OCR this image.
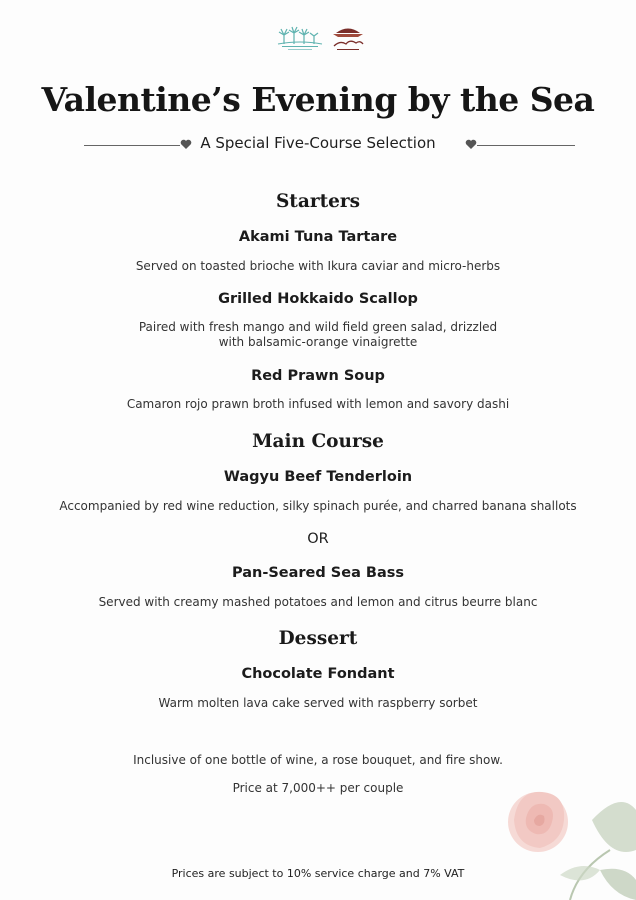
Valentine’s Evening by the Sea
A Special Five-Course Selection
Starters
Akami Tuna Tartare
Served on toasted brioche with Ikura caviar and micro-herbs
Grilled Hokkaido Scallop
Paired with fresh mango and wild field green salad, drizzled
with balsamic-orange vinaigrette
Red Prawn Soup
Camaron rojo prawn broth infused with lemon and savory dashi
Main Course
Wagyu Beef Tenderloin
Accompanied by red wine reduction, silky spinach purée, and charred banana shallots
OR
Pan-Seared Sea Bass
Served with creamy mashed potatoes and lemon and citrus beurre blanc
Dessert
Chocolate Fondant
Warm molten lava cake served with raspberry sorbet
Inclusive of one bottle of wine, a rose bouquet, and fire show.
Price at 7,000++ per couple
Prices are subject to 10% service charge and 7% VAT
